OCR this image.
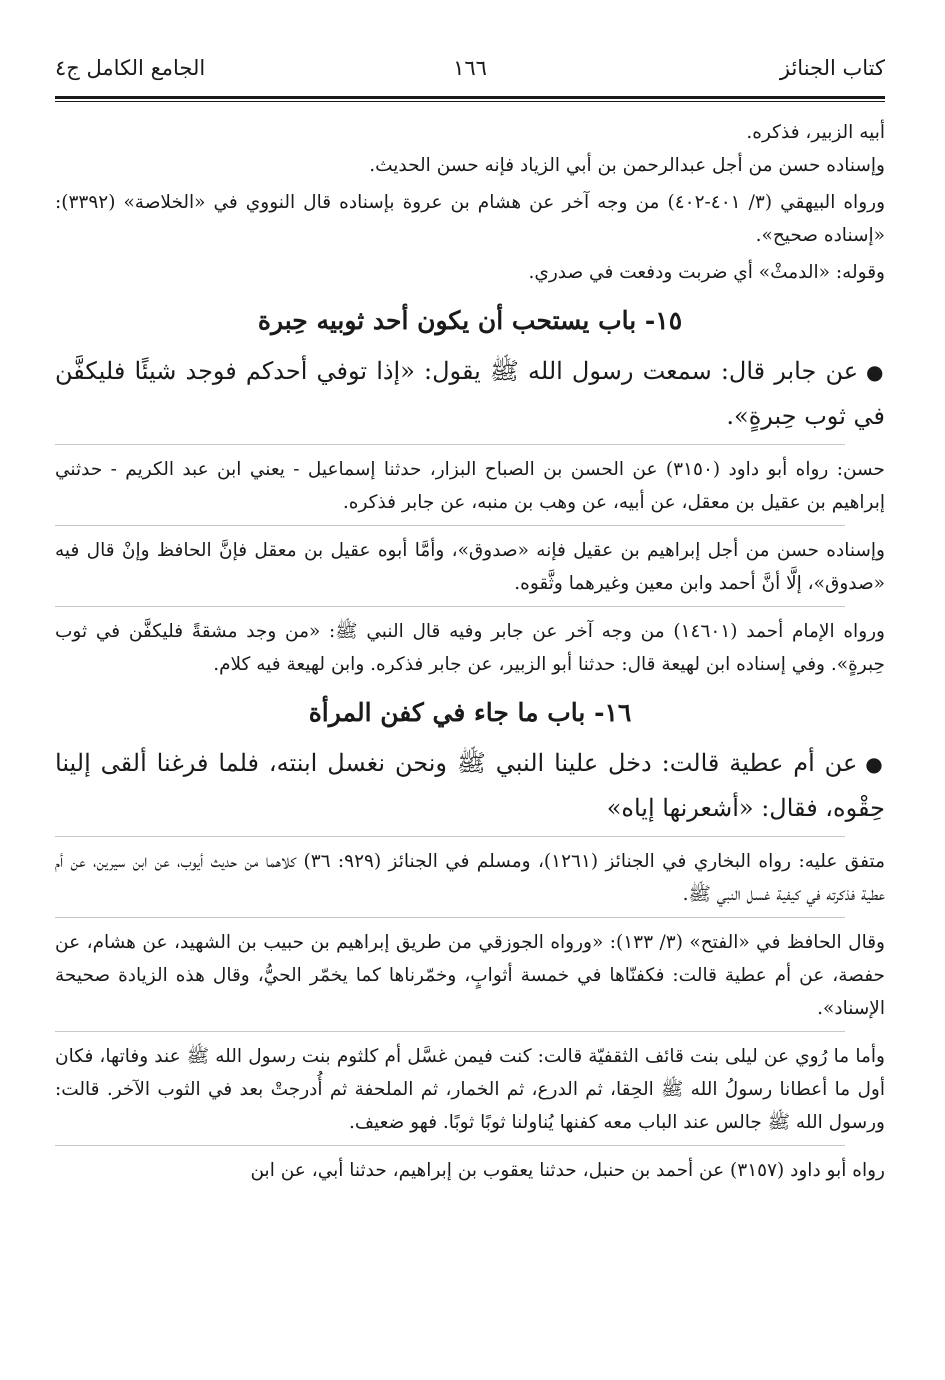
كتاب الجنائز
١٦٦
الجامع الكامل ج٤

أبيه الزبير، فذكره.

وإسناده حسن من أجل عبدالرحمن بن أبي الزياد فإنه حسن الحديث.

ورواه البيهقي (٣/ ٤٠١-٤٠٢) من وجه آخر عن هشام بن عروة بإسناده قال النووي في «الخلاصة» (٣٣٩٢): «إسناده صحيح».

وقوله: «الدمثْ» أي ضربت ودفعت في صدري.

١٥- باب يستحب أن يكون أحد ثوبيه حِبرة

●عن جابر قال: سمعت رسول الله ﷺ يقول: «إذا توفي أحدكم فوجد شيئًا فليكفَّن في ثوب حِبرةٍ».

حسن: رواه أبو داود (٣١٥٠) عن الحسن بن الصباح البزار، حدثنا إسماعيل - يعني ابن عبد الكريم - حدثني إبراهيم بن عقيل بن معقل، عن أبيه، عن وهب بن منبه، عن جابر فذكره.

وإسناده حسن من أجل إبراهيم بن عقيل فإنه «صدوق»، وأمَّا أبوه عقيل بن معقل فإنَّ الحافظ وإنْ قال فيه «صدوق»، إلَّا أنَّ أحمد وابن معين وغيرهما وثَّقوه.

ورواه الإمام أحمد (١٤٦٠١) من وجه آخر عن جابر وفيه قال النبي ﷺ: «من وجد مشقةً فليكفَّن في ثوب حِبرةٍ». وفي إسناده ابن لهيعة قال: حدثنا أبو الزبير، عن جابر فذكره. وابن لهيعة فيه كلام.

١٦- باب ما جاء في كفن المرأة

●عن أم عطية قالت: دخل علينا النبي ﷺ ونحن نغسل ابنته، فلما فرغنا ألقى إلينا حِقْوه، فقال: «أشعرنها إياه»

متفق عليه: رواه البخاري في الجنائز (١٢٦١)، ومسلم في الجنائز (٩٢٩: ٣٦) كلاهما من حديث أيوب، عن ابن سيرين، عن أم عطية فذكرته في كيفية غسل النبي ﷺ.

وقال الحافظ في «الفتح» (٣/ ١٣٣): «ورواه الجوزقي من طريق إبراهيم بن حبيب بن الشهيد، عن هشام، عن حفصة، عن أم عطية قالت: فكفنّاها في خمسة أثوابٍ، وخمّرناها كما يخمّر الحيُّ، وقال هذه الزيادة صحيحة الإسناد».

وأما ما رُوي عن ليلى بنت قائف الثقفيّة قالت: كنت فيمن غسَّل أم كلثوم بنت رسول الله ﷺ عند وفاتها، فكان أول ما أعطانا رسولُ الله ﷺ الحِقا، ثم الدرع، ثم الخمار، ثم الملحفة ثم أُدرجتْ بعد في الثوب الآخر. قالت: ورسول الله ﷺ جالس عند الباب معه كفنها يُناولنا ثوبًا ثوبًا. فهو ضعيف.

رواه أبو داود (٣١٥٧) عن أحمد بن حنبل، حدثنا يعقوب بن إبراهيم، حدثنا أبي، عن ابن
